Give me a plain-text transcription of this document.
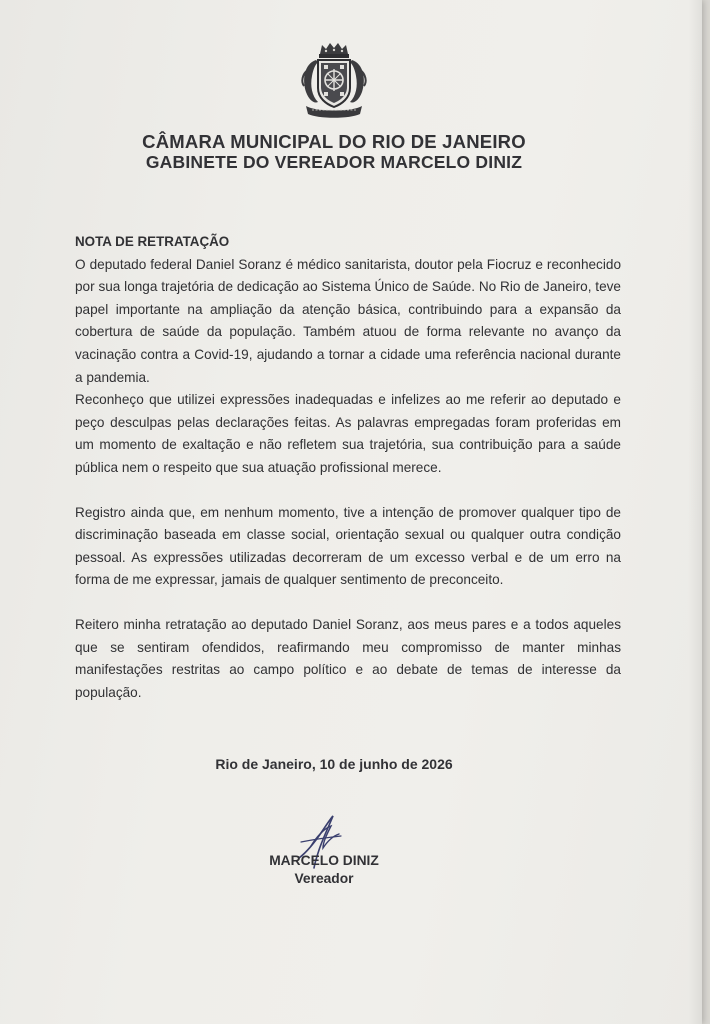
CÂMARA MUNICIPAL DO RIO DE JANEIRO
GABINETE DO VEREADOR MARCELO DINIZ

NOTA DE RETRATAÇÃO

O deputado federal Daniel Soranz é médico sanitarista, doutor pela Fiocruz e reconhecido por sua longa trajetória de dedicação ao Sistema Único de Saúde. No Rio de Janeiro, teve papel importante na ampliação da atenção básica, contribuindo para a expansão da cobertura de saúde da população. Também atuou de forma relevante no avanço da vacinação contra a Covid-19, ajudando a tornar a cidade uma referência nacional durante a pandemia.

Reconheço que utilizei expressões inadequadas e infelizes ao me referir ao deputado e peço desculpas pelas declarações feitas. As palavras empregadas foram proferidas em um momento de exaltação e não refletem sua trajetória, sua contribuição para a saúde pública nem o respeito que sua atuação profissional merece.

Registro ainda que, em nenhum momento, tive a intenção de promover qualquer tipo de discriminação baseada em classe social, orientação sexual ou qualquer outra condição pessoal. As expressões utilizadas decorreram de um excesso verbal e de um erro na forma de me expressar, jamais de qualquer sentimento de preconceito.

Reitero minha retratação ao deputado Daniel Soranz, aos meus pares e a todos aqueles que se sentiram ofendidos, reafirmando meu compromisso de manter minhas manifestações restritas ao campo político e ao debate de temas de interesse da população.

Rio de Janeiro, 10 de junho de 2026
MARCELO DINIZ
Vereador
